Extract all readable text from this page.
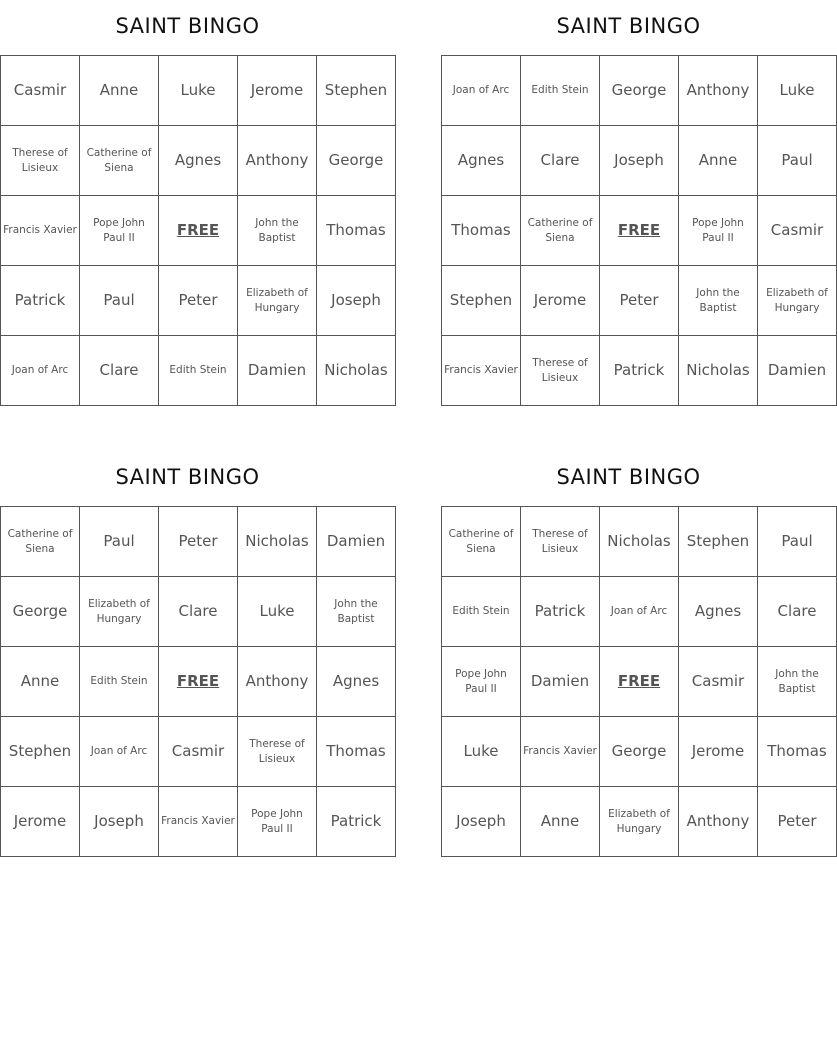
SAINT BINGO
Casmir	Anne	Luke	Jerome	Stephen
Therese of Lisieux	Catherine of Siena	Agnes	Anthony	George
Francis Xavier	Pope John Paul II	FREE	John the Baptist	Thomas
Patrick	Paul	Peter	Elizabeth of Hungary	Joseph
Joan of Arc	Clare	Edith Stein	Damien	Nicholas
SAINT BINGO
Joan of Arc	Edith Stein	George	Anthony	Luke
Agnes	Clare	Joseph	Anne	Paul
Thomas	Catherine of Siena	FREE	Pope John Paul II	Casmir
Stephen	Jerome	Peter	John the Baptist	Elizabeth of Hungary
Francis Xavier	Therese of Lisieux	Patrick	Nicholas	Damien
SAINT BINGO
Catherine of Siena	Paul	Peter	Nicholas	Damien
George	Elizabeth of Hungary	Clare	Luke	John the Baptist
Anne	Edith Stein	FREE	Anthony	Agnes
Stephen	Joan of Arc	Casmir	Therese of Lisieux	Thomas
Jerome	Joseph	Francis Xavier	Pope John Paul II	Patrick
SAINT BINGO
Catherine of Siena	Therese of Lisieux	Nicholas	Stephen	Paul
Edith Stein	Patrick	Joan of Arc	Agnes	Clare
Pope John Paul II	Damien	FREE	Casmir	John the Baptist
Luke	Francis Xavier	George	Jerome	Thomas
Joseph	Anne	Elizabeth of Hungary	Anthony	Peter
